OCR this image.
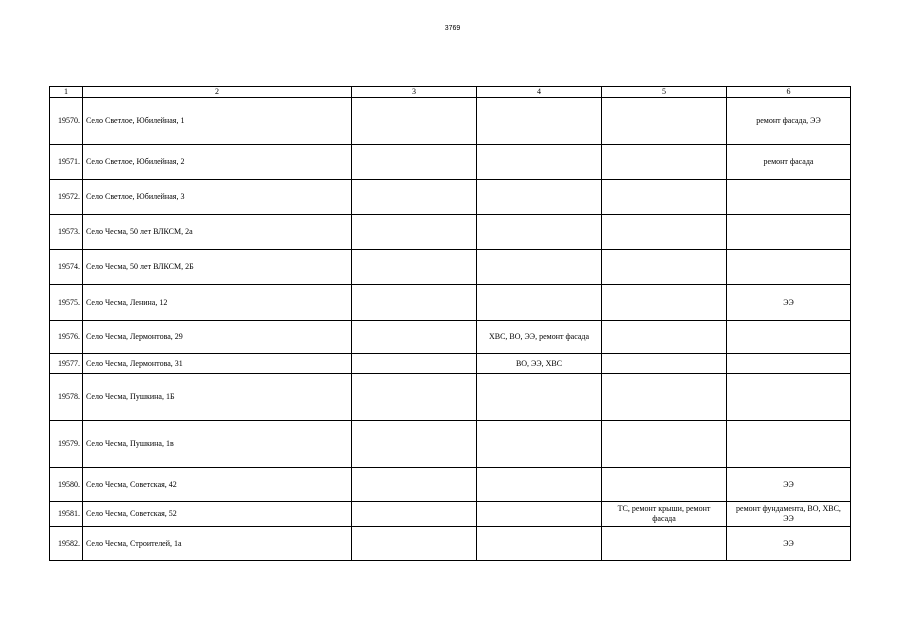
3769
1	2	3	4	5	6
19570.	Село Светлое, Юбилейная, 1				ремонт фасада, ЭЭ
19571.	Село Светлое, Юбилейная, 2				ремонт фасада
19572.	Село Светлое, Юбилейная, 3				
19573.	Село Чесма, 50 лет ВЛКСМ, 2а				
19574.	Село Чесма, 50 лет ВЛКСМ, 2Б				
19575.	Село Чесма, Ленина, 12				ЭЭ
19576.	Село Чесма, Лермонтова, 29		ХВС, ВО, ЭЭ, ремонт фасада		
19577.	Село Чесма, Лермонтова, 31		ВО, ЭЭ, ХВС		
19578.	Село Чесма, Пушкина, 1Б				
19579.	Село Чесма, Пушкина, 1в				
19580.	Село Чесма, Советская, 42				ЭЭ
19581.	Село Чесма, Советская, 52			ТС, ремонт крыши, ремонт фасада	ремонт фундамента, ВО, ХВС, ЭЭ
19582.	Село Чесма, Строителей, 1а				ЭЭ
